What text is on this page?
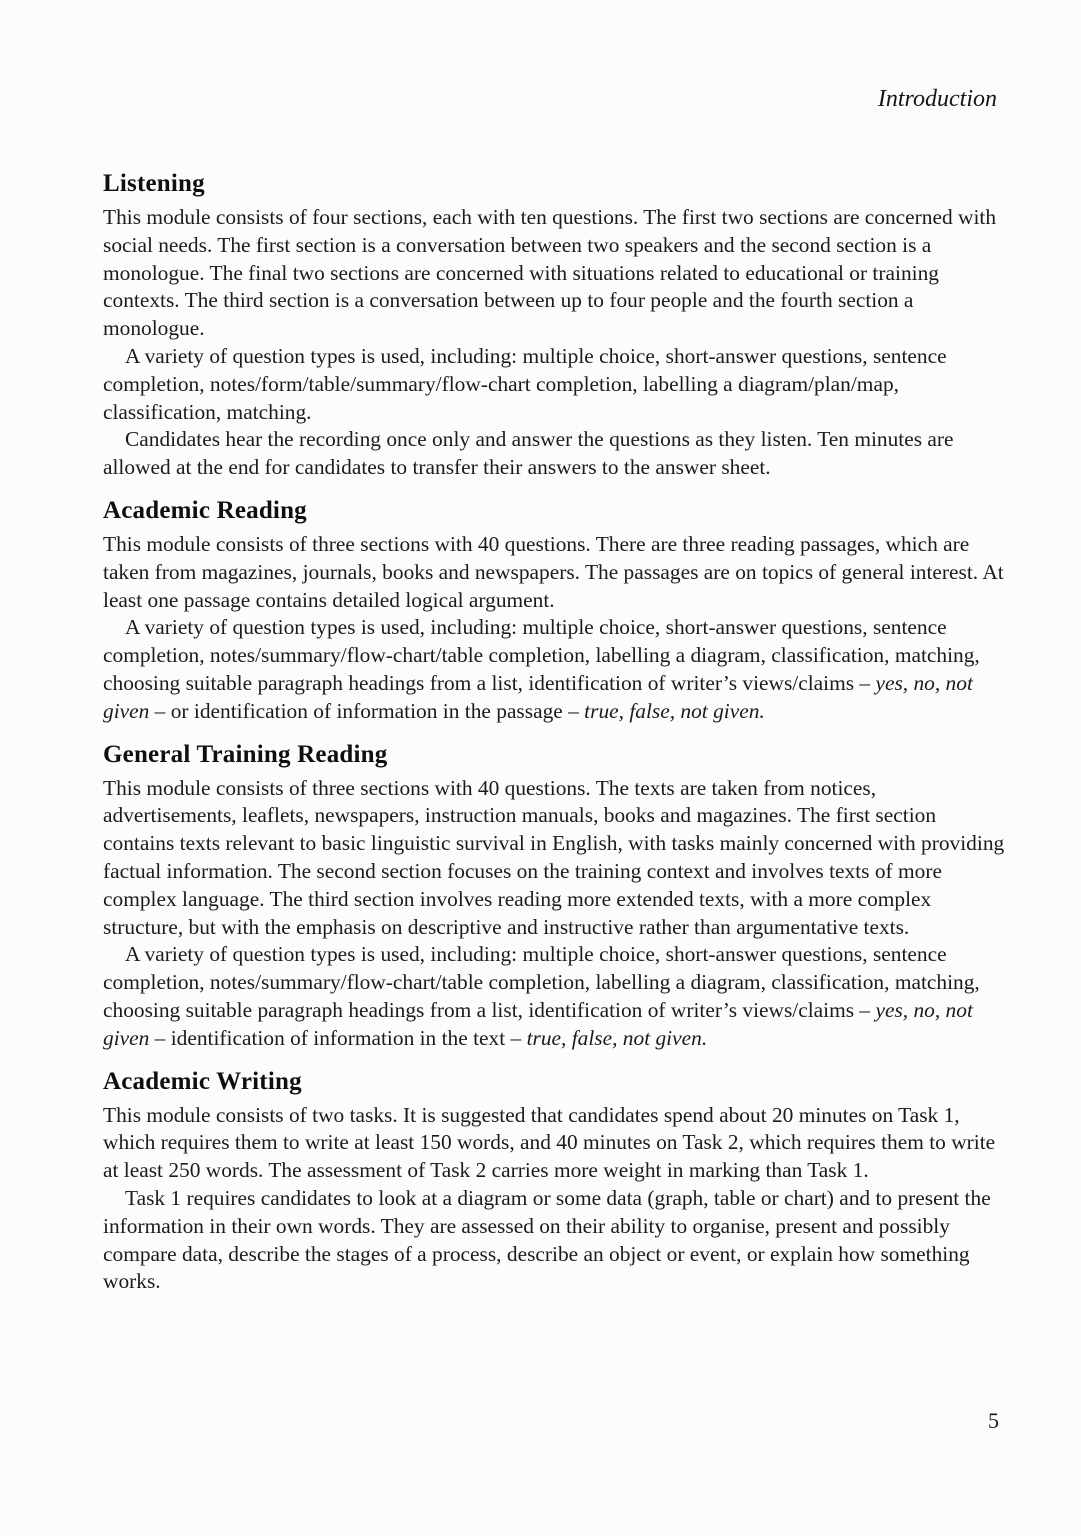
Introduction
Listening

This module consists of four sections, each with ten questions. The first two sections are concerned with social needs. The first section is a conversation between two speakers and the second section is a monologue. The final two sections are concerned with situations related to educational or training contexts. The third section is a conversation between up to four people and the fourth section a monologue.

A variety of question types is used, including: multiple choice, short-answer questions, sentence completion, notes/form/table/summary/flow-chart completion, labelling a diagram/plan/map, classification, matching.

Candidates hear the recording once only and answer the questions as they listen. Ten minutes are allowed at the end for candidates to transfer their answers to the answer sheet.

Academic Reading

This module consists of three sections with 40 questions. There are three reading passages, which are taken from magazines, journals, books and newspapers. The passages are on topics of general interest. At least one passage contains detailed logical argument.

A variety of question types is used, including: multiple choice, short-answer questions, sentence completion, notes/summary/flow-chart/table completion, labelling a diagram, classification, matching, choosing suitable paragraph headings from a list, identification of writer’s views/claims – yes, no, not given – or identification of information in the passage – true, false, not given.

General Training Reading

This module consists of three sections with 40 questions. The texts are taken from notices, advertisements, leaflets, newspapers, instruction manuals, books and magazines. The first section contains texts relevant to basic linguistic survival in English, with tasks mainly concerned with providing factual information. The second section focuses on the training context and involves texts of more complex language. The third section involves reading more extended texts, with a more complex structure, but with the emphasis on descriptive and instructive rather than argumentative texts.

A variety of question types is used, including: multiple choice, short-answer questions, sentence completion, notes/summary/flow-chart/table completion, labelling a diagram, classification, matching, choosing suitable paragraph headings from a list, identification of writer’s views/claims – yes, no, not given – identification of information in the text – true, false, not given.

Academic Writing

This module consists of two tasks. It is suggested that candidates spend about 20 minutes on Task 1, which requires them to write at least 150 words, and 40 minutes on Task 2, which requires them to write at least 250 words. The assessment of Task 2 carries more weight in marking than Task 1.

Task 1 requires candidates to look at a diagram or some data (graph, table or chart) and to present the information in their own words. They are assessed on their ability to organise, present and possibly compare data, describe the stages of a process, describe an object or event, or explain how something works.

5
